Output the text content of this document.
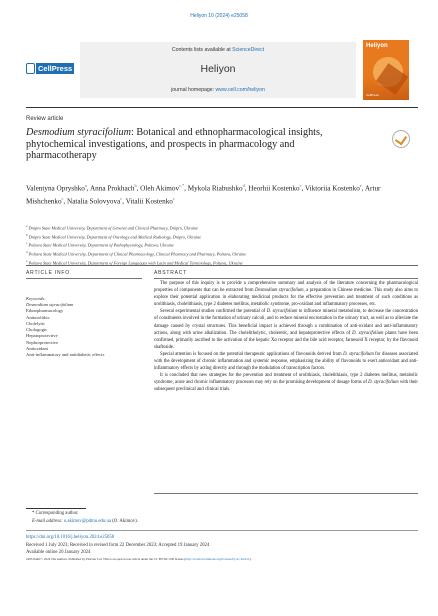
Heliyon 10 (2024) e25058
CellPress
Contents lists available at ScienceDirect
Heliyon
journal homepage: www.cell.com/heliyon
Heliyon
CellPress
Review article
Desmodium styracifolium: Botanical and ethnopharmacological insights, phytochemical investigations, and prospects in pharmacology and pharmacotherapy
Valentyna Opryshko$^a$, Anna Prokhach$^b$, Oleh Akimov$^{c,*}$, Mykola Riabushko$^d$, Heorhii Kostenko$^c$, Viktoriia Kostenko$^e$, Artur Mishchenko$^c$, Natalia Solovyova$^c$, Vitalii Kostenko$^c$
$^a$ Dnipro State Medical University, Department of General and Clinical Pharmacy, Dnipro, Ukraine
$^b$ Dnipro State Medical University, Department of Oncology and Medical Radiology, Dnipro, Ukraine
$^c$ Poltava State Medical University, Department of Pathophysiology, Poltava, Ukraine
$^d$ Poltava State Medical University, Department of Clinical Pharmacology, Clinical Pharmacy and Pharmacy, Poltava, Ukraine
$^e$ Poltava State Medical University, Department of Foreign Languages with Latin and Medical Terminology, Poltava, Ukraine
ARTICLE INFO
Keywords:
Desmodium styracifolium
Ethnopharmacology
Antiurolithic
Cholelytic
Cholagogic
Hepatoprotective
Nephroprotective
Antioxidant
Anti-inflammatory and antidiabetic effects
ABSTRACT

The purpose of this inquiry is to provide a comprehensive summary and analysis of the literature concerning the pharmacological properties of components that can be extracted from Desmodium styracifolium, a preparation in Chinese medicine. This study also aims to explore their potential application in elaborating medicinal products for the effective prevention and treatment of such conditions as urolithiasis, cholelithiasis, type 2 diabetes mellitus, metabolic syndrome, pro-oxidant and inflammatory processes, etc.

Several experimental studies confirmed the potential of D. styracifolium to influence mineral metabolism, to decrease the concentration of constituents involved in the formation of urinary calculi, and to reduce mineral encrustation in the urinary tract, as well as to alleviate the damage caused by crystal structures. This beneficial impact is achieved through a combination of anti-oxidant and anti-inflammatory actions, along with urine alkalization. The cholelitholytic, choleretic, and hepatoprotective effects of D. styracifolium plants have been confirmed, primarily ascribed to the activation of the hepatic Xα receptor and the bile acid receptor, farnesoid X receptor, by the flavonoid shaftoside.

Special attention is focused on the potential therapeutic applications of flavonoids derived from D. styracifolium for diseases associated with the development of chronic inflammation and systemic response, emphasizing the ability of flavonoids to exert antioxidant and anti-inflammatory effects by acting directly and through the modulation of transcription factors.

It is concluded that new strategies for the prevention and treatment of urolithiasis, cholelithiasis, type 2 diabetes mellitus, metabolic syndrome, acute and chronic inflammatory processes may rely on the promising development of dosage forms of D. styracifolium with their subsequent preclinical and clinical trials.

* Corresponding author.
E-mail address: o.akimov@pdmu.edu.ua (O. Akimov).
https://doi.org/10.1016/j.heliyon.2024.e25058
Received 1 July 2023; Received in revised form 22 December 2023; Accepted 19 January 2024
Available online 20 January 2024
2405-8440/© 2024 The Authors. Published by Elsevier Ltd. This is an open access article under the CC BY-NC-ND license (http://creativecommons.org/licenses/by-nc-nd/4.0/).
